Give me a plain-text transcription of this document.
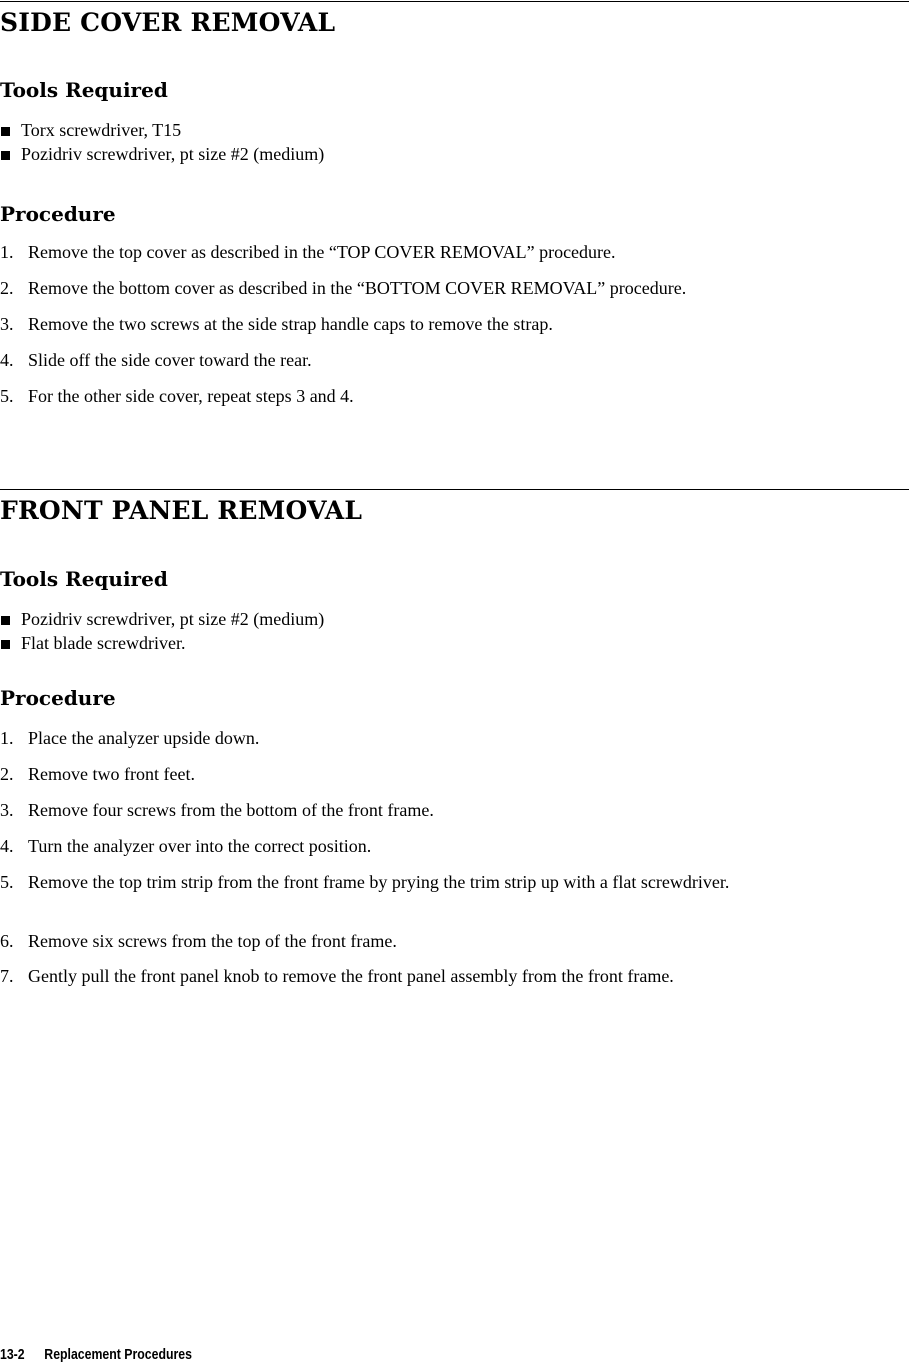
SIDE COVER REMOVAL
Tools Required
Torx screwdriver, T15
Pozidriv screwdriver, pt size #2 (medium)
Procedure
1. Remove the top cover as described in the “TOP COVER REMOVAL” procedure.
2. Remove the bottom cover as described in the “BOTTOM COVER REMOVAL” procedure.
3. Remove the two screws at the side strap handle caps to remove the strap.
4. Slide off the side cover toward the rear.
5. For the other side cover, repeat steps 3 and 4.
FRONT PANEL REMOVAL
Tools Required
Pozidriv screwdriver, pt size #2 (medium)
Flat blade screwdriver.
Procedure
1. Place the analyzer upside down.
2. Remove two front feet.
3. Remove four screws from the bottom of the front frame.
4. Turn the analyzer over into the correct position.
5. Remove the top trim strip from the front frame by prying the trim strip up with a flat screwdriver.
6. Remove six screws from the top of the front frame.
7. Gently pull the front panel knob to remove the front panel assembly from the front frame.
13-2 Replacement Procedures
